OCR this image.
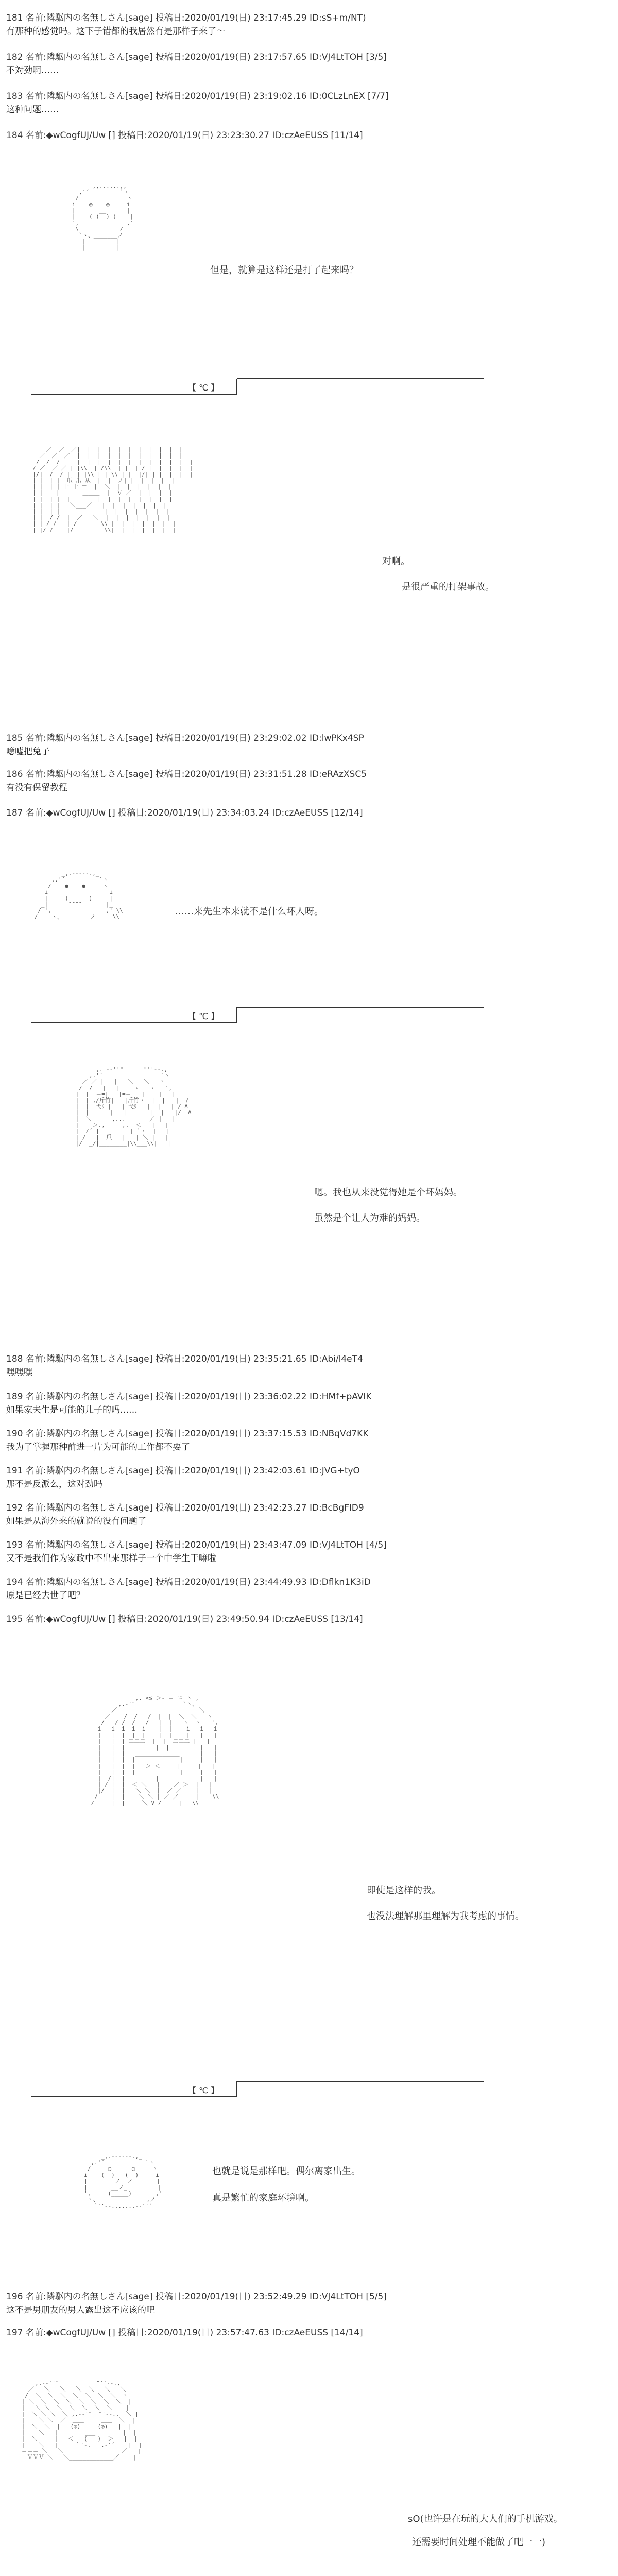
181 名前:隣駆内の名無しさん[sage] 投稿日:2020/01/19(日) 23:17:45.29 ID:sS+m/NT)
有那种的感觉吗。这下子错都的我居然有是那样子来了～
182 名前:隣駆内の名無しさん[sage] 投稿日:2020/01/19(日) 23:17:57.65 ID:VJ4LtTOH [3/5]
不対劲啊……
183 名前:隣駆内の名無しさん[sage] 投稿日:2020/01/19(日) 23:19:02.16 ID:0CLzLnEX [7/7]
这种问题……
184 名前:◆wCogfUJ/Uw [] 投稿日:2020/01/19(日) 23:23:30.27 ID:czAeEUSS [11/14]
_,,......,,_
,'´         `ヽ
/              ヽ
i    ◎    ◎     i
|       __      |
|    ( (  ) )    |
',      ¯¯      ,'
\            /
`ヽ、_______ノ
|         |
|         |

但是，就算是这样还是打了起来吗？
【 ℃ 】
＿＿＿＿＿＿＿＿＿＿＿＿＿＿＿＿＿＿＿＿＿
／  ／  ／|  |  |  |  |  |  |  |  |  |  |
／  ／  ／  |  |  |  |  |  |  |  |  |  |  |
/  /  /  ___|_ |  |  |  |  |  |  |  |  |  |  |
/ ／  ／ ／ | |\\  | /\\  | |  | / |  |  |  |  |
|/|  /  / |  | |\\ | | \\ | |  |/| | |  |  |  |
| |  | |  爪 爪 从  |  |  ノ| |  |  |  |  |
| |  | | 十 十 ＝  |  ＼  |  |  |  |  |  |
| | ｜ |       ＿＿＿  |  Ｖ ／  |  |  |  |
| |  | |  |        |  |  |  |  |  |  |  |
| |  | |   ＼___／   |  |  |  |  |  |  |
| |  | |             |  |  |  |  |  |  |
| |  / /  |  ／   ＼  |  |  |  |  |  |  |
| | / /   | /       \\ |  |  |  |  |  |  |
|_|/ /____|/_________\\|__|__|__|__|__|__|

对啊。
是很严重的打架事故。
185 名前:隣駆内の名無しさん[sage] 投稿日:2020/01/19(日) 23:29:02.02 ID:lwPKx4SP
噫嘘把兔子
186 名前:隣駆内の名無しさん[sage] 投稿日:2020/01/19(日) 23:31:51.28 ID:eRAzXSC5
有没有保留教程
187 名前:◆wCogfUJ/Uw [] 投稿日:2020/01/19(日) 23:34:03.24 ID:czAeEUSS [12/14]
_,.-‐‐‐-.,_
,.'´          `ヽ
/    ●    ●     ヽ
i       ____       i
|     (      )     |
_|      ¯¯¯¯       |_
/ ',                ,' \\
/    ヽ、________ノ     \\	……来先生本来就不是什么坏人呀。
【 ℃ 】
,. -‐''"¨¨¨¨¨¨"''‐-.,
,.'´                 `ヽ
／ ／ |   |   ＼   ＼   ヽ
/  /   |   |    ヽ   ヽ   ',
|  |  ＝=|   |=＝   |    |   |
|  | ,/斤竹|   |斤竹ヽ  |  |   |  /
|  |  弋ﾘ |   | 弋ﾘ   |  |   | / A
|  |      |   |       |  |   |/  A
|  ＼     _,..._      ／ |   |
|    ＞.,     ,.  ＜   |   |
|  /´ |  ¨¨¨¨¨  | `ヽ  |   |
| /   |  爪   |   | ＼ |   |
|/  _/|________|\\___\\|   |

嗯。我也从来没觉得她是个坏妈妈。
虽然是个让人为难的妈妈。
188 名前:隣駆内の名無しさん[sage] 投稿日:2020/01/19(日) 23:35:21.65 ID:Abi/l4eT4
嘿嘿嘿
189 名前:隣駆内の名無しさん[sage] 投稿日:2020/01/19(日) 23:36:02.22 ID:HMf+pAVIK
如果家夫生是可能的儿子的吗……
190 名前:隣駆内の名無しさん[sage] 投稿日:2020/01/19(日) 23:37:15.53 ID:NBqVd7KK
我为了掌握那种前进一片为可能的工作都不要了
191 名前:隣駆内の名無しさん[sage] 投稿日:2020/01/19(日) 23:42:03.61 ID:JVG+tyO
那不是反派么，这对劲吗
192 名前:隣駆内の名無しさん[sage] 投稿日:2020/01/19(日) 23:42:23.27 ID:BcBgFlD9
如果是从海外来的就说的没有问题了
193 名前:隣駆内の名無しさん[sage] 投稿日:2020/01/19(日) 23:43:47.09 ID:VJ4LtTOH [4/5]
又不是我们作为家政中不出来那样子一个中学生干嘛啦
194 名前:隣駆内の名無しさん[sage] 投稿日:2020/01/19(日) 23:44:49.93 ID:Dflkn1K3iD
原是已经去世了吧？
195 名前:◆wCogfUJ/Uw [] 投稿日:2020/01/19(日) 23:49:50.94 ID:czAeEUSS [13/14]
,. <≦ ＞- ＝ ニ 丶 ,
,.‐'"              `丶、
／                        ＼
／    /  /   /  |  |  ＼  ＼   ヽ
/   / /  /   /   |  |   ヽ  ヽ   ',
i   i  i  i  i    |  |    i   i   i
|   |  |  |  |    |  |    |   |   |
|   |  | 二二二  |  |  二二二 |   |
|   |  |         |  |         |   |
|   |  |   _____________      |   |
|   |  |  |             |     |   |
|   |  |  |   ＞ ＜     |     |   |
|   |  |  |_____________|     |   |
|  /|  |         |            |   |
| / |  |  ＜ ＼   |    ／ ＞  |   |
|/  |  |   ＼ ＼  |  ／ ／    |   |
/    |  |    ＼ ＼ | ／ ／     |    \\
/     |  |_____＼_V_/_____|   \\

即使是这样的我。
也没法理解那里理解为我考虑的事情。
【 ℃ 】
_,.-‐‐‐‐-.,_
,.'´            `ヽ
/     ○      ○     ヽ
i    (  )   (  )     i
|        ノ  ノ       |
|       __ノ_         |
',     (_____)       ,'
ヽ、              ,ノ
`''‐-.......-‐''´

也就是说是那样吧。偶尔离家出生。
真是繁忙的家庭环境啊。
196 名前:隣駆内の名無しさん[sage] 投稿日:2020/01/19(日) 23:52:49.29 ID:VJ4LtTOH [5/5]
这不是男朋友的男人露出这不应该的吧
197 名前:◆wCogfUJ/Uw [] 投稿日:2020/01/19(日) 23:57:47.63 ID:czAeEUSS [14/14]
,.-‐''"¨¨¨¨¨¨¨¨¨¨¨"''‐-.,
／   ＼   ＼   ＼  ＼   ＼   ＼
/  ＼  ＼  ＼  ＼  ＼  ＼  ＼  ヽ
| ＼  ＼  ＼  ＼  ＼  ＼  ＼  ＼  |
|   ＼ ＼  ＼  ＼  ＼  ＼  ＼    |
|  ＼ ＼ ＼  ＼ ,.-‐'"¨¨"'‐-.,  ＼ |
|    ＼ ＼  ／  ＿＿     ＿＿  ＼  |
|  ＼  ＼  |   (◎)     (◎)   |  |
|    ＼   |        ___        |  |
|  ＼     |   ＜   (   )  ＞   |  |
|    ＼   |     ｀'-.___.-'´    |  |
＝＝＝ ＼   ＼                 ／   |
＝ＶＶＶ ＼   ＼_____________／    |

sO(也许是在玩的大人们的手机游戏。
还需要时间处理不能做了吧一一)
